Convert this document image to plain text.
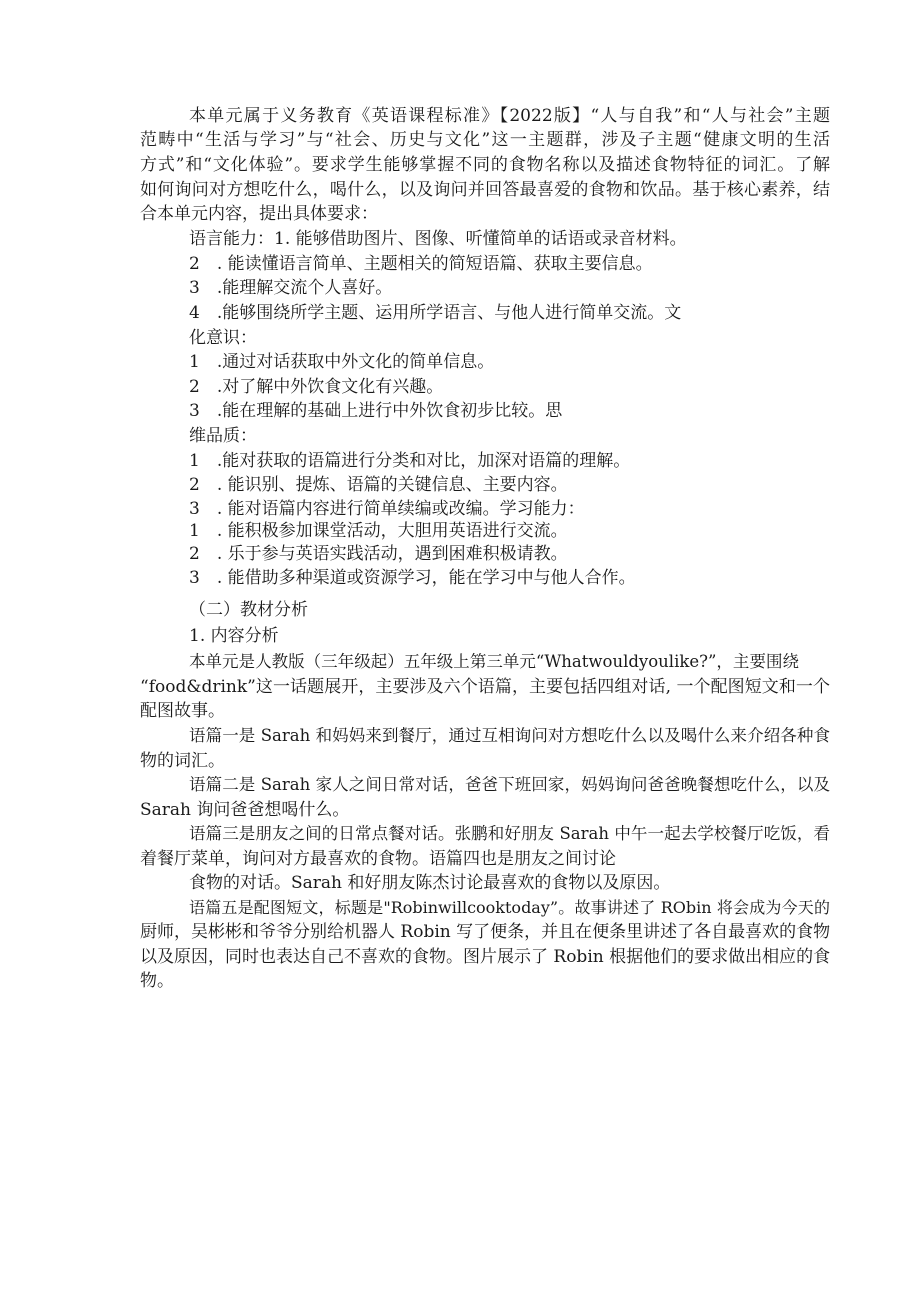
本单元属于义务教育《英语课程标准》【2022版】“人与自我”和“人与社会”主题
范畴中“生活与学习”与“社会、历史与文化”这一主题群，涉及子主题“健康文明的生活
方式”和“文化体验”。要求学生能够掌握不同的食物名称以及描述食物特征的词汇。了解
如何询问对方想吃什么，喝什么，以及询问并回答最喜爱的食物和饮品。基于核心素养，结
合本单元内容，提出具体要求：
语言能力：1. 能够借助图片、图像、听懂简单的话语或录音材料。
2　. 能读懂语言简单、主题相关的简短语篇、获取主要信息。
3　.能理解交流个人喜好。
4　.能够围绕所学主题、运用所学语言、与他人进行简单交流。文
化意识：
1　.通过对话获取中外文化的简单信息。
2　.对了解中外饮食文化有兴趣。
3　.能在理解的基础上进行中外饮食初步比较。思
维品质：
1　.能对获取的语篇进行分类和对比，加深对语篇的理解。
2　. 能识别、提炼、语篇的关键信息、主要内容。
3　. 能对语篇内容进行简单续编或改编。学习能力：
1　. 能积极参加课堂活动，大胆用英语进行交流。
2　. 乐于参与英语实践活动，遇到困难积极请教。
3　. 能借助多种渠道或资源学习，能在学习中与他人合作。
（二）教材分析
1. 内容分析
本单元是人教版（三年级起）五年级上第三单元“Whatwouldyoulike?”，主要围绕
“food&drink”这一话题展开，主要涉及六个语篇，主要包括四组对话, 一个配图短文和一个
配图故事。
语篇一是 Sarah 和妈妈来到餐厅，通过互相询问对方想吃什么以及喝什么来介绍各种食
物的词汇。
语篇二是 Sarah 家人之间日常对话，爸爸下班回家，妈妈询问爸爸晚餐想吃什么，以及
Sarah 询问爸爸想喝什么。
语篇三是朋友之间的日常点餐对话。张鹏和好朋友 Sarah 中午一起去学校餐厅吃饭，看
着餐厅菜单，询问对方最喜欢的食物。语篇四也是朋友之间讨论
食物的对话。Sarah 和好朋友陈杰讨论最喜欢的食物以及原因。
语篇五是配图短文，标题是"Robinwillcooktoday”。故事讲述了 RObin 将会成为今天的
厨师，吴彬彬和爷爷分别给机器人 Robin 写了便条，并且在便条里讲述了各自最喜欢的食物
以及原因，同时也表达自己不喜欢的食物。图片展示了 Robin 根据他们的要求做出相应的食
物。
